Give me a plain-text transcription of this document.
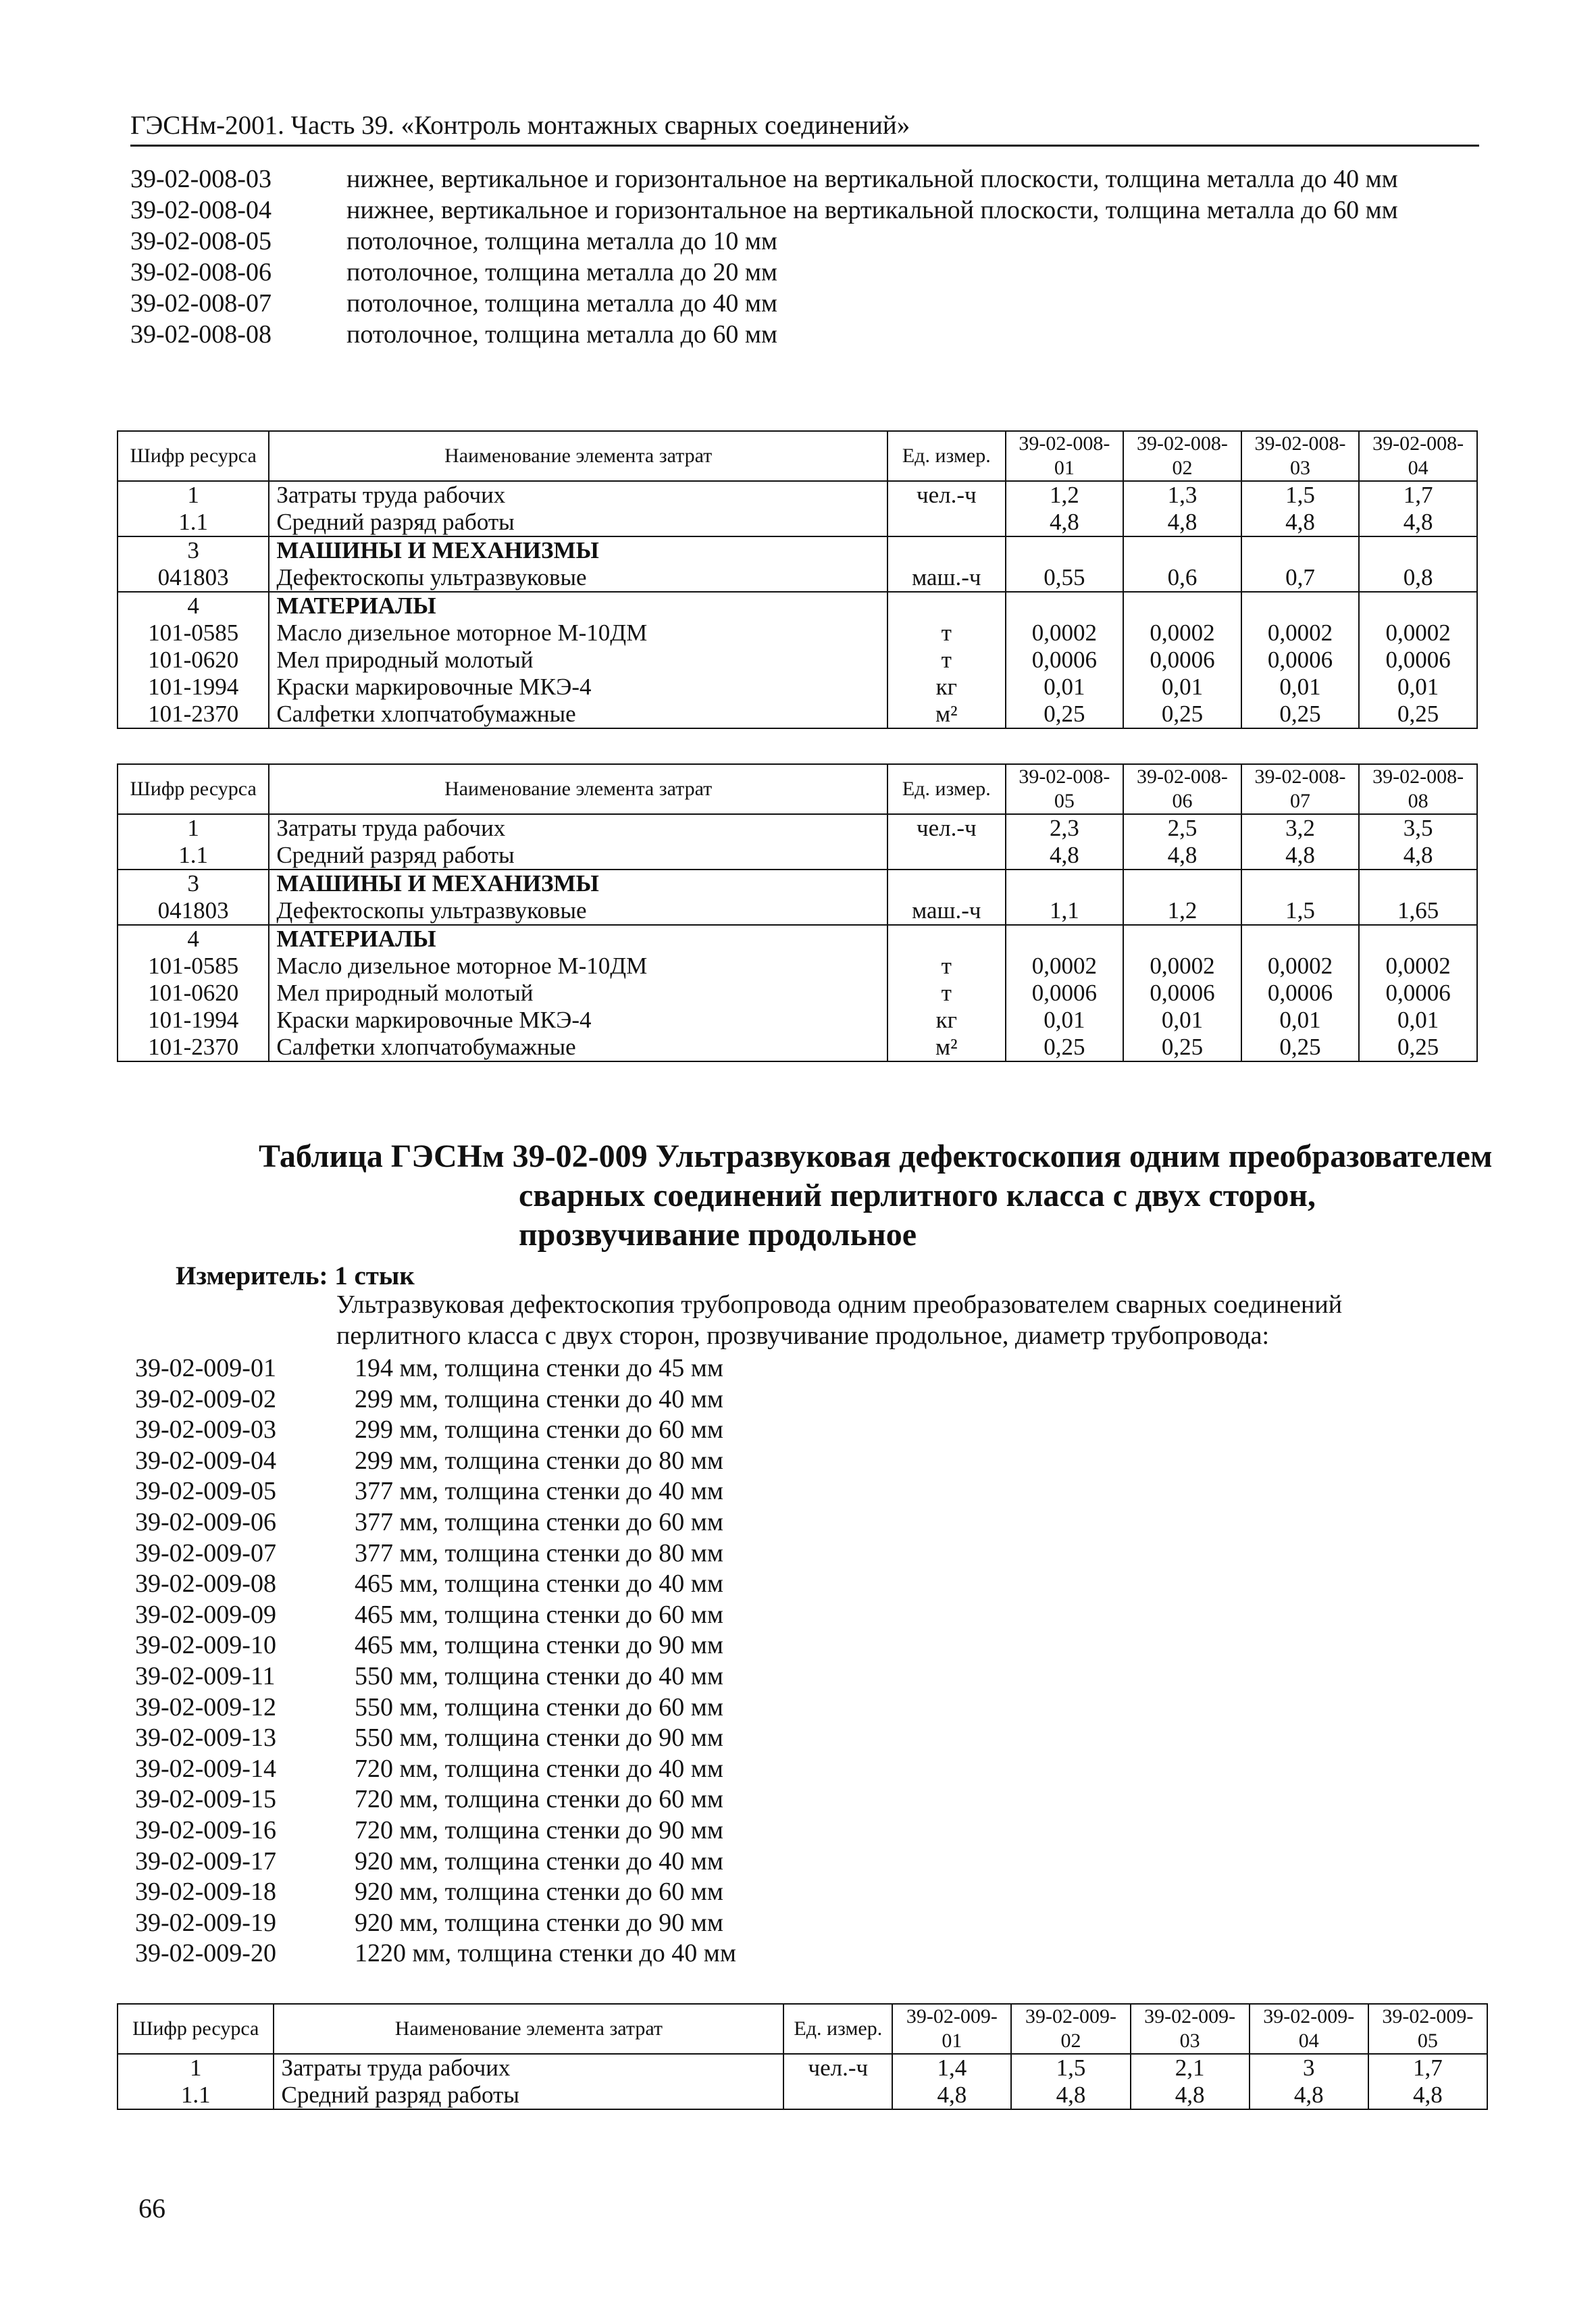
ГЭСНм-2001. Часть 39. «Контроль монтажных сварных соединений»
39-02-008-03	нижнее, вертикальное и горизонтальное на вертикальной плоскости, толщина металла до 40 мм
39-02-008-04	нижнее, вертикальное и горизонтальное на вертикальной плоскости, толщина металла до 60 мм
39-02-008-05	потолочное, толщина металла до 10 мм
39-02-008-06	потолочное, толщина металла до 20 мм
39-02-008-07	потолочное, толщина металла до 40 мм
39-02-008-08	потолочное, толщина металла до 60 мм
Шифр ресурса	Наименование элемента затрат	Ед. измер.	39-02-008-01	39-02-008-02	39-02-008-03	39-02-008-04
1	Затраты труда рабочих	чел.-ч	1,2	1,3	1,5	1,7
1.1	Средний разряд работы		4,8	4,8	4,8	4,8
3	МАШИНЫ И МЕХАНИЗМЫ					
041803	Дефектоскопы ультразвуковые	маш.-ч	0,55	0,6	0,7	0,8
4	МАТЕРИАЛЫ					
101-0585	Масло дизельное моторное М-10ДМ	т	0,0002	0,0002	0,0002	0,0002
101-0620	Мел природный молотый	т	0,0006	0,0006	0,0006	0,0006
101-1994	Краски маркировочные МКЭ-4	кг	0,01	0,01	0,01	0,01
101-2370	Салфетки хлопчатобумажные	м²	0,25	0,25	0,25	0,25
Шифр ресурса	Наименование элемента затрат	Ед. измер.	39-02-008-05	39-02-008-06	39-02-008-07	39-02-008-08
1	Затраты труда рабочих	чел.-ч	2,3	2,5	3,2	3,5
1.1	Средний разряд работы		4,8	4,8	4,8	4,8
3	МАШИНЫ И МЕХАНИЗМЫ					
041803	Дефектоскопы ультразвуковые	маш.-ч	1,1	1,2	1,5	1,65
4	МАТЕРИАЛЫ					
101-0585	Масло дизельное моторное М-10ДМ	т	0,0002	0,0002	0,0002	0,0002
101-0620	Мел природный молотый	т	0,0006	0,0006	0,0006	0,0006
101-1994	Краски маркировочные МКЭ-4	кг	0,01	0,01	0,01	0,01
101-2370	Салфетки хлопчатобумажные	м²	0,25	0,25	0,25	0,25
Таблица ГЭСНм 39-02-009 Ультразвуковая дефектоскопия одним преобразователем
сварных соединений перлитного класса с двух сторон,
прозвучивание продольное
Измеритель: 1 стык
Ультразвуковая дефектоскопия трубопровода одним преобразователем сварных соединений перлитного класса с двух сторон, прозвучивание продольное, диаметр трубопровода:
39-02-009-01	194 мм, толщина стенки до 45 мм
39-02-009-02	299 мм, толщина стенки до 40 мм
39-02-009-03	299 мм, толщина стенки до 60 мм
39-02-009-04	299 мм, толщина стенки до 80 мм
39-02-009-05	377 мм, толщина стенки до 40 мм
39-02-009-06	377 мм, толщина стенки до 60 мм
39-02-009-07	377 мм, толщина стенки до 80 мм
39-02-009-08	465 мм, толщина стенки до 40 мм
39-02-009-09	465 мм, толщина стенки до 60 мм
39-02-009-10	465 мм, толщина стенки до 90 мм
39-02-009-11	550 мм, толщина стенки до 40 мм
39-02-009-12	550 мм, толщина стенки до 60 мм
39-02-009-13	550 мм, толщина стенки до 90 мм
39-02-009-14	720 мм, толщина стенки до 40 мм
39-02-009-15	720 мм, толщина стенки до 60 мм
39-02-009-16	720 мм, толщина стенки до 90 мм
39-02-009-17	920 мм, толщина стенки до 40 мм
39-02-009-18	920 мм, толщина стенки до 60 мм
39-02-009-19	920 мм, толщина стенки до 90 мм
39-02-009-20	1220 мм, толщина стенки до 40 мм
Шифр ресурса	Наименование элемента затрат	Ед. измер.	39-02-009-01	39-02-009-02	39-02-009-03	39-02-009-04	39-02-009-05
1	Затраты труда рабочих	чел.-ч	1,4	1,5	2,1	3	1,7
1.1	Средний разряд работы		4,8	4,8	4,8	4,8	4,8
66
